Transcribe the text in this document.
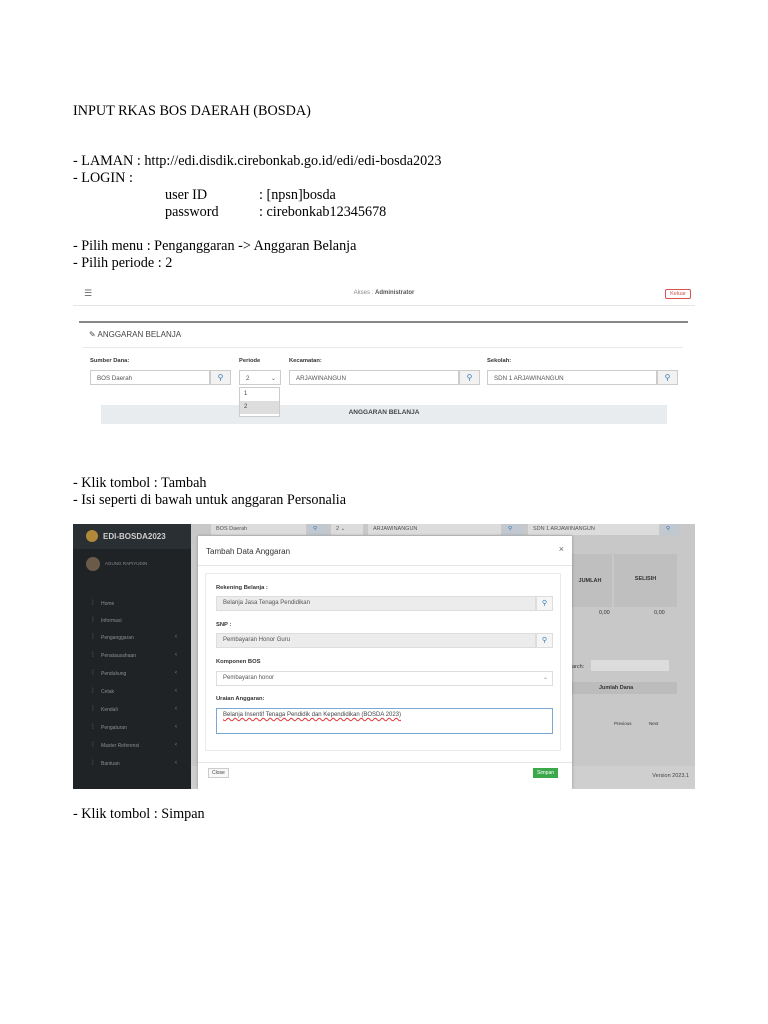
INPUT RKAS BOS DAERAH (BOSDA)
- LAMAN : http://edi.disdik.cirebonkab.go.id/edi/edi-bosda2023
- LOGIN :
user ID	: [npsn]bosda
password	: cirebonkab12345678
- Pilih menu : Penganggaran -> Anggaran Belanja
- Pilih periode : 2
☰	Akses : Administrator	Keluar
✎ ANGGARAN BELANJA
Sumber Dana:	Periode	Kecamatan:	Sekolah:
BOS Daerah	⚲	2	⌄	ARJAWINANGUN	⚲	SDN 1 ARJAWINANGUN	⚲
ANGGARAN BELANJA
1
2
- Klik tombol : Tambah
- Isi seperti di bawah untuk anggaran Personalia
EDI-BOSDA2023
AGUNG RAPIYUDIN
⋮ Home
⋮ Informasi
⋮ Penganggaran	‹
⋮ Penatausahaan	‹
⋮ Pendukung	‹
⋮ Cetak	‹
⋮ Kendali	‹
⋮ Pengaturan	‹
⋮ Master Referensi	‹
⋮ Bantuan	‹
BOS Daerah	⚲	2 ⌄	ARJAWINANGUN	⚲	SDN 1 ARJAWINANGUN	⚲
JUMLAH	SELISIH
0,00	0,00
arch:
Jumlah Dana
Previous	Next
Version 2023.1
Tambah Data Anggaran	×
Rekening Belanja :
Belanja Jasa Tenaga Pendidikan	⚲
SNP :
Pembayaran Honor Guru	⚲
Komponen BOS
Pembayaran honor	⌄
Uraian Anggaran:
Belanja Insentif Tenaga Pendidik dan Kependidikan (BOSDA 2023)
Close	Simpan
- Klik tombol : Simpan
